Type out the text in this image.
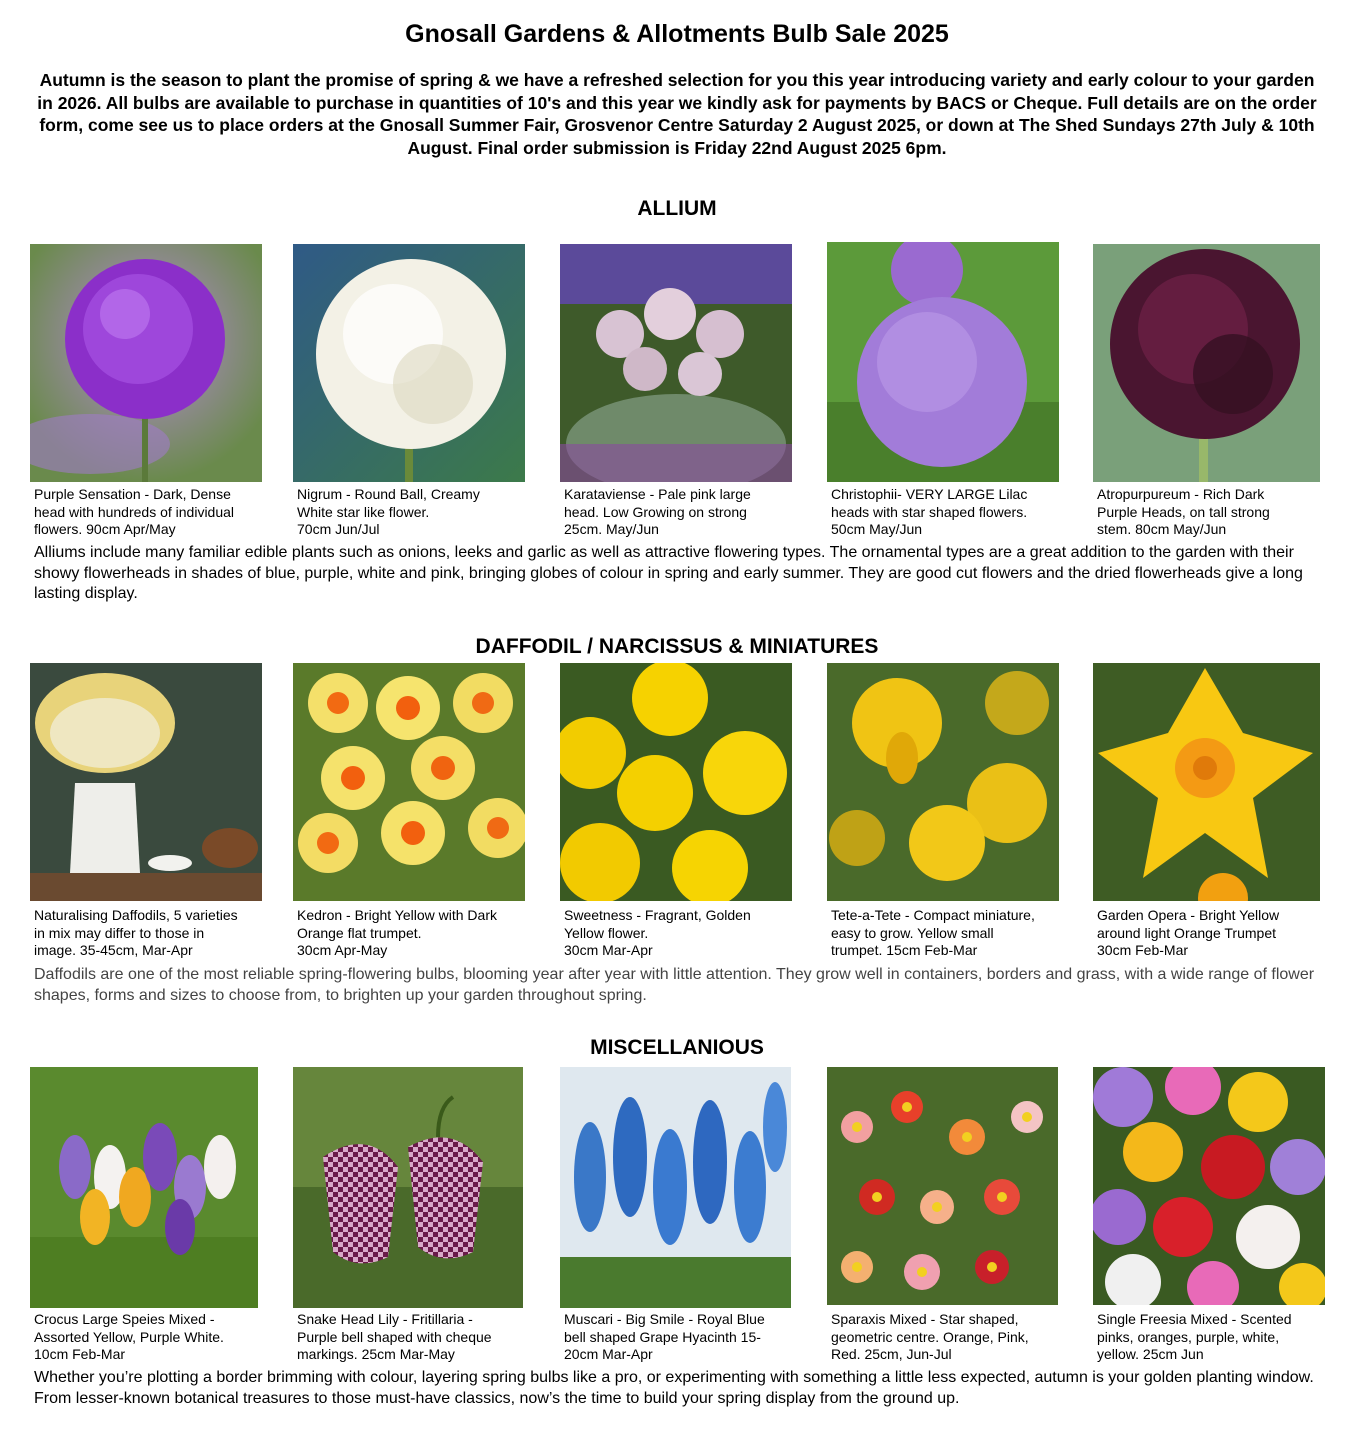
Gnosall Gardens & Allotments Bulb Sale 2025
Autumn is the season to plant the promise of spring & we have a refreshed selection for you this year introducing variety and early colour to your garden in 2026. All bulbs are available to purchase in quantities of 10's and this year we kindly ask for payments by BACS or Cheque. Full details are on the order form, come see us to place orders at the Gnosall Summer Fair, Grosvenor Centre Saturday 2 August 2025, or down at The Shed Sundays 27th July & 10th August. Final order submission is Friday 22nd August 2025 6pm.
ALLIUM
Purple Sensation - Dark, Dense
head with hundreds of individual
flowers. 90cm Apr/May
Nigrum - Round Ball, Creamy
White star like flower.
70cm Jun/Jul
Karataviense - Pale pink large
head. Low Growing on strong
25cm. May/Jun
Christophii- VERY LARGE Lilac
heads with star shaped flowers.
50cm May/Jun
Atropurpureum - Rich Dark
Purple Heads, on tall strong
stem. 80cm May/Jun
Alliums include many familiar edible plants such as onions, leeks and garlic as well as attractive flowering types. The ornamental types are a great addition to the garden with their showy flowerheads in shades of blue, purple, white and pink, bringing globes of colour in spring and early summer. They are good cut flowers and the dried flowerheads give a long lasting display.
DAFFODIL / NARCISSUS & MINIATURES
Naturalising Daffodils, 5 varieties
in mix may differ to those in
image. 35-45cm, Mar-Apr
Kedron - Bright Yellow with Dark
Orange flat trumpet.
30cm Apr-May
Sweetness - Fragrant, Golden
Yellow flower.
30cm Mar-Apr
Tete-a-Tete - Compact miniature,
easy to grow. Yellow small
trumpet. 15cm Feb-Mar
Garden Opera - Bright Yellow
around light Orange Trumpet
30cm Feb-Mar
Daffodils are one of the most reliable spring-flowering bulbs, blooming year after year with little attention. They grow well in containers, borders and grass, with a wide range of flower shapes, forms and sizes to choose from, to brighten up your garden throughout spring.
MISCELLANIOUS
Crocus Large Speies Mixed -
Assorted Yellow, Purple White.
10cm Feb-Mar
Snake Head Lily - Fritillaria -
Purple bell shaped with cheque
markings. 25cm Mar-May
Muscari - Big Smile - Royal Blue
bell shaped Grape Hyacinth 15-
20cm Mar-Apr
Sparaxis Mixed - Star shaped,
geometric centre. Orange, Pink,
Red. 25cm, Jun-Jul
Single Freesia Mixed - Scented
pinks, oranges, purple, white,
yellow. 25cm Jun
Whether you’re plotting a border brimming with colour, layering spring bulbs like a pro, or experimenting with something a little less expected, autumn is your golden planting window. From lesser-known botanical treasures to those must-have classics, now’s the time to build your spring display from the ground up.
